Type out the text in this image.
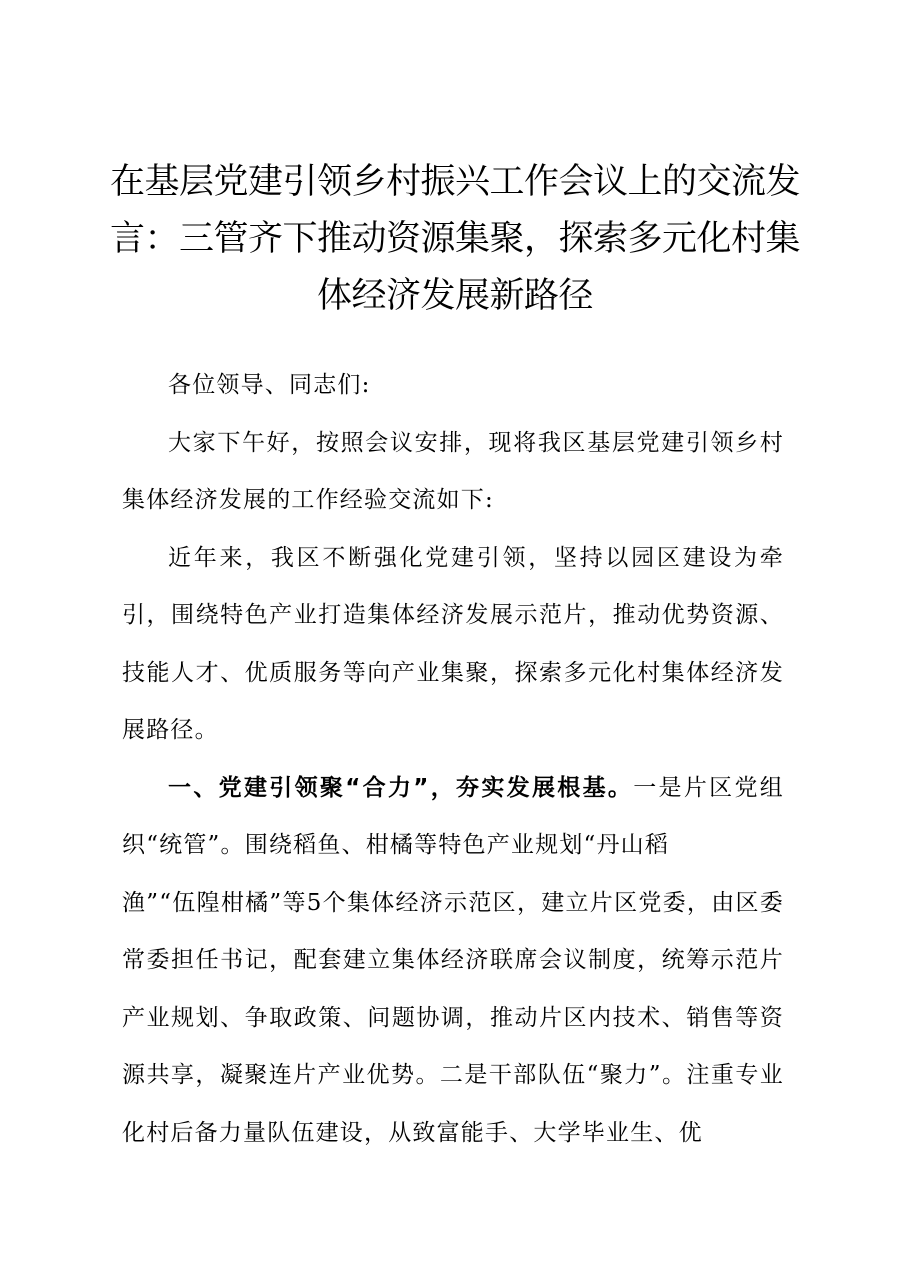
在基层党建引领乡村振兴工作会议上的交流发言：三管齐下推动资源集聚，探索多元化村集体经济发展新路径

各位领导、同志们:

大家下午好，按照会议安排，现将我区基层党建引领乡村集体经济发展的工作经验交流如下:

近年来，我区不断强化党建引领，坚持以园区建设为牵引，围绕特色产业打造集体经济发展示范片，推动优势资源、技能人才、优质服务等向产业集聚，探索多元化村集体经济发展路径。

一、党建引领聚“合力”，夯实发展根基。一是片区党组织“统管”。围绕稻鱼、柑橘等特色产业规划“丹山稻
渔”“伍隍柑橘”等5个集体经济示范区，建立片区党委，由区委常委担任书记，配套建立集体经济联席会议制度，统筹示范片产业规划、争取政策、问题协调，推动片区内技术、销售等资源共享，凝聚连片产业优势。二是干部队伍“聚力”。注重专业化村后备力量队伍建设，从致富能手、大学毕业生、优
